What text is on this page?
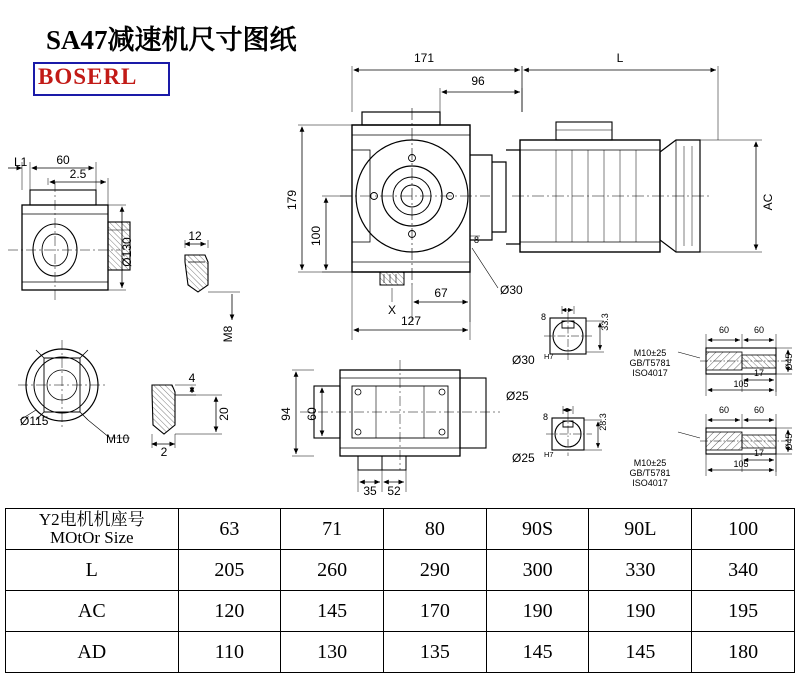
SA47减速机尺寸图纸
BOSERL
171
96
L
179
100
AC
67
127
X
Ø30
8
L1 60
2.5
Ø130
12
M8
Ø115
M10
4
20
2
94 60
35 52
8	33.3
Ø30 H7
8	28.3
Ø25 H7
Ø25
60	60
17
105
Ø45
M10±25
GB/T5781
ISO4017
60	60
17
105
Ø45
M10±25
GB/T5781
ISO4017
Y2电机机座号
MOtOr Size	63	71	80	90S	90L	100
L	205	260	290	300	330	340
AC	120	145	170	190	190	195
AD	110	130	135	145	145	180
